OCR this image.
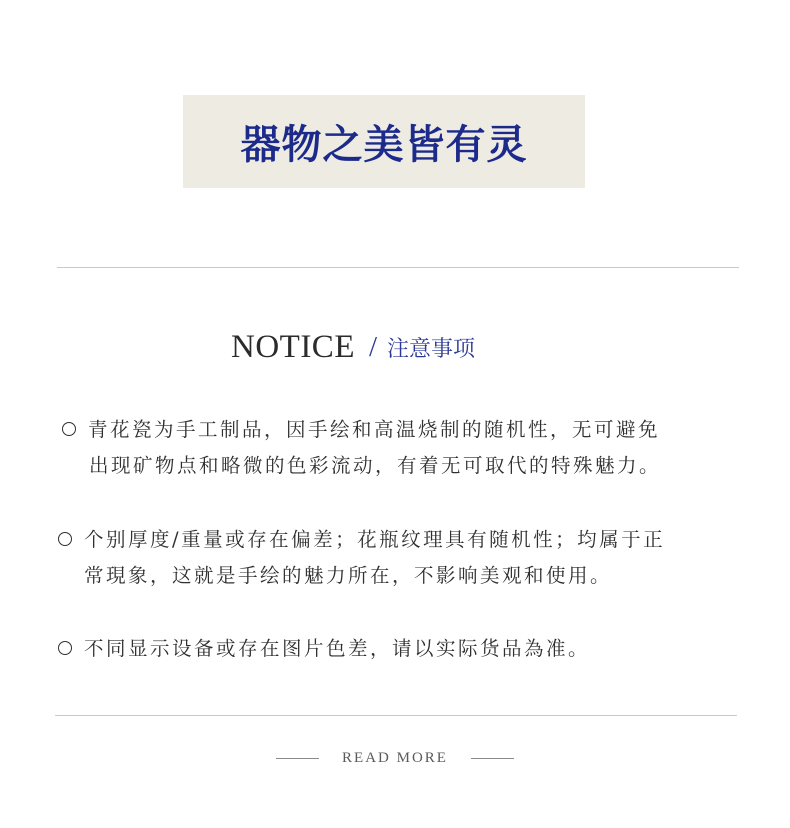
器物之美皆有灵
NOTICE / 注意事项
青花瓷为手工制品，因手绘和高温烧制的随机性，无可避免
出现矿物点和略微的色彩流动，有着无可取代的特殊魅力。
个别厚度/重量或存在偏差；花瓶纹理具有随机性；均属于正
常現象，这就是手绘的魅力所在，不影响美观和使用。
不同显示设备或存在图片色差，请以实际货品為准。
READ MORE
